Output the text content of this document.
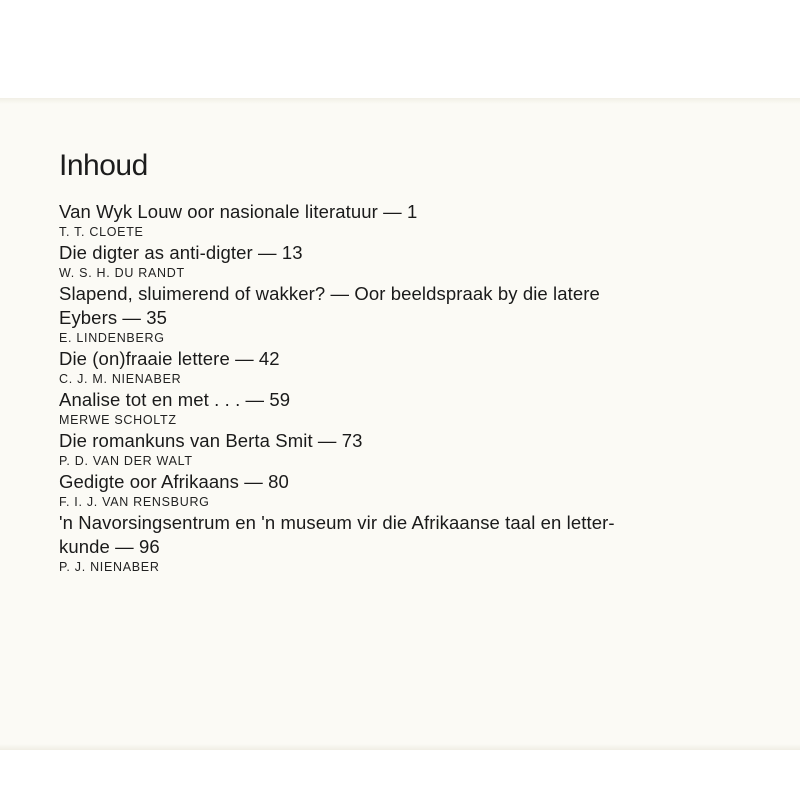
Inhoud
Van Wyk Louw oor nasionale literatuur — 1
T. T. CLOETE
Die digter as anti-digter — 13
W. S. H. DU RANDT
Slapend, sluimerend of wakker? — Oor beeldspraak by die latere
Eybers — 35
E. LINDENBERG
Die (on)fraaie lettere — 42
C. J. M. NIENABER
Analise tot en met . . . — 59
MERWE SCHOLTZ
Die romankuns van Berta Smit — 73
P. D. VAN DER WALT
Gedigte oor Afrikaans — 80
F. I. J. VAN RENSBURG
'n Navorsingsentrum en 'n museum vir die Afrikaanse taal en letter-
kunde — 96
P. J. NIENABER
